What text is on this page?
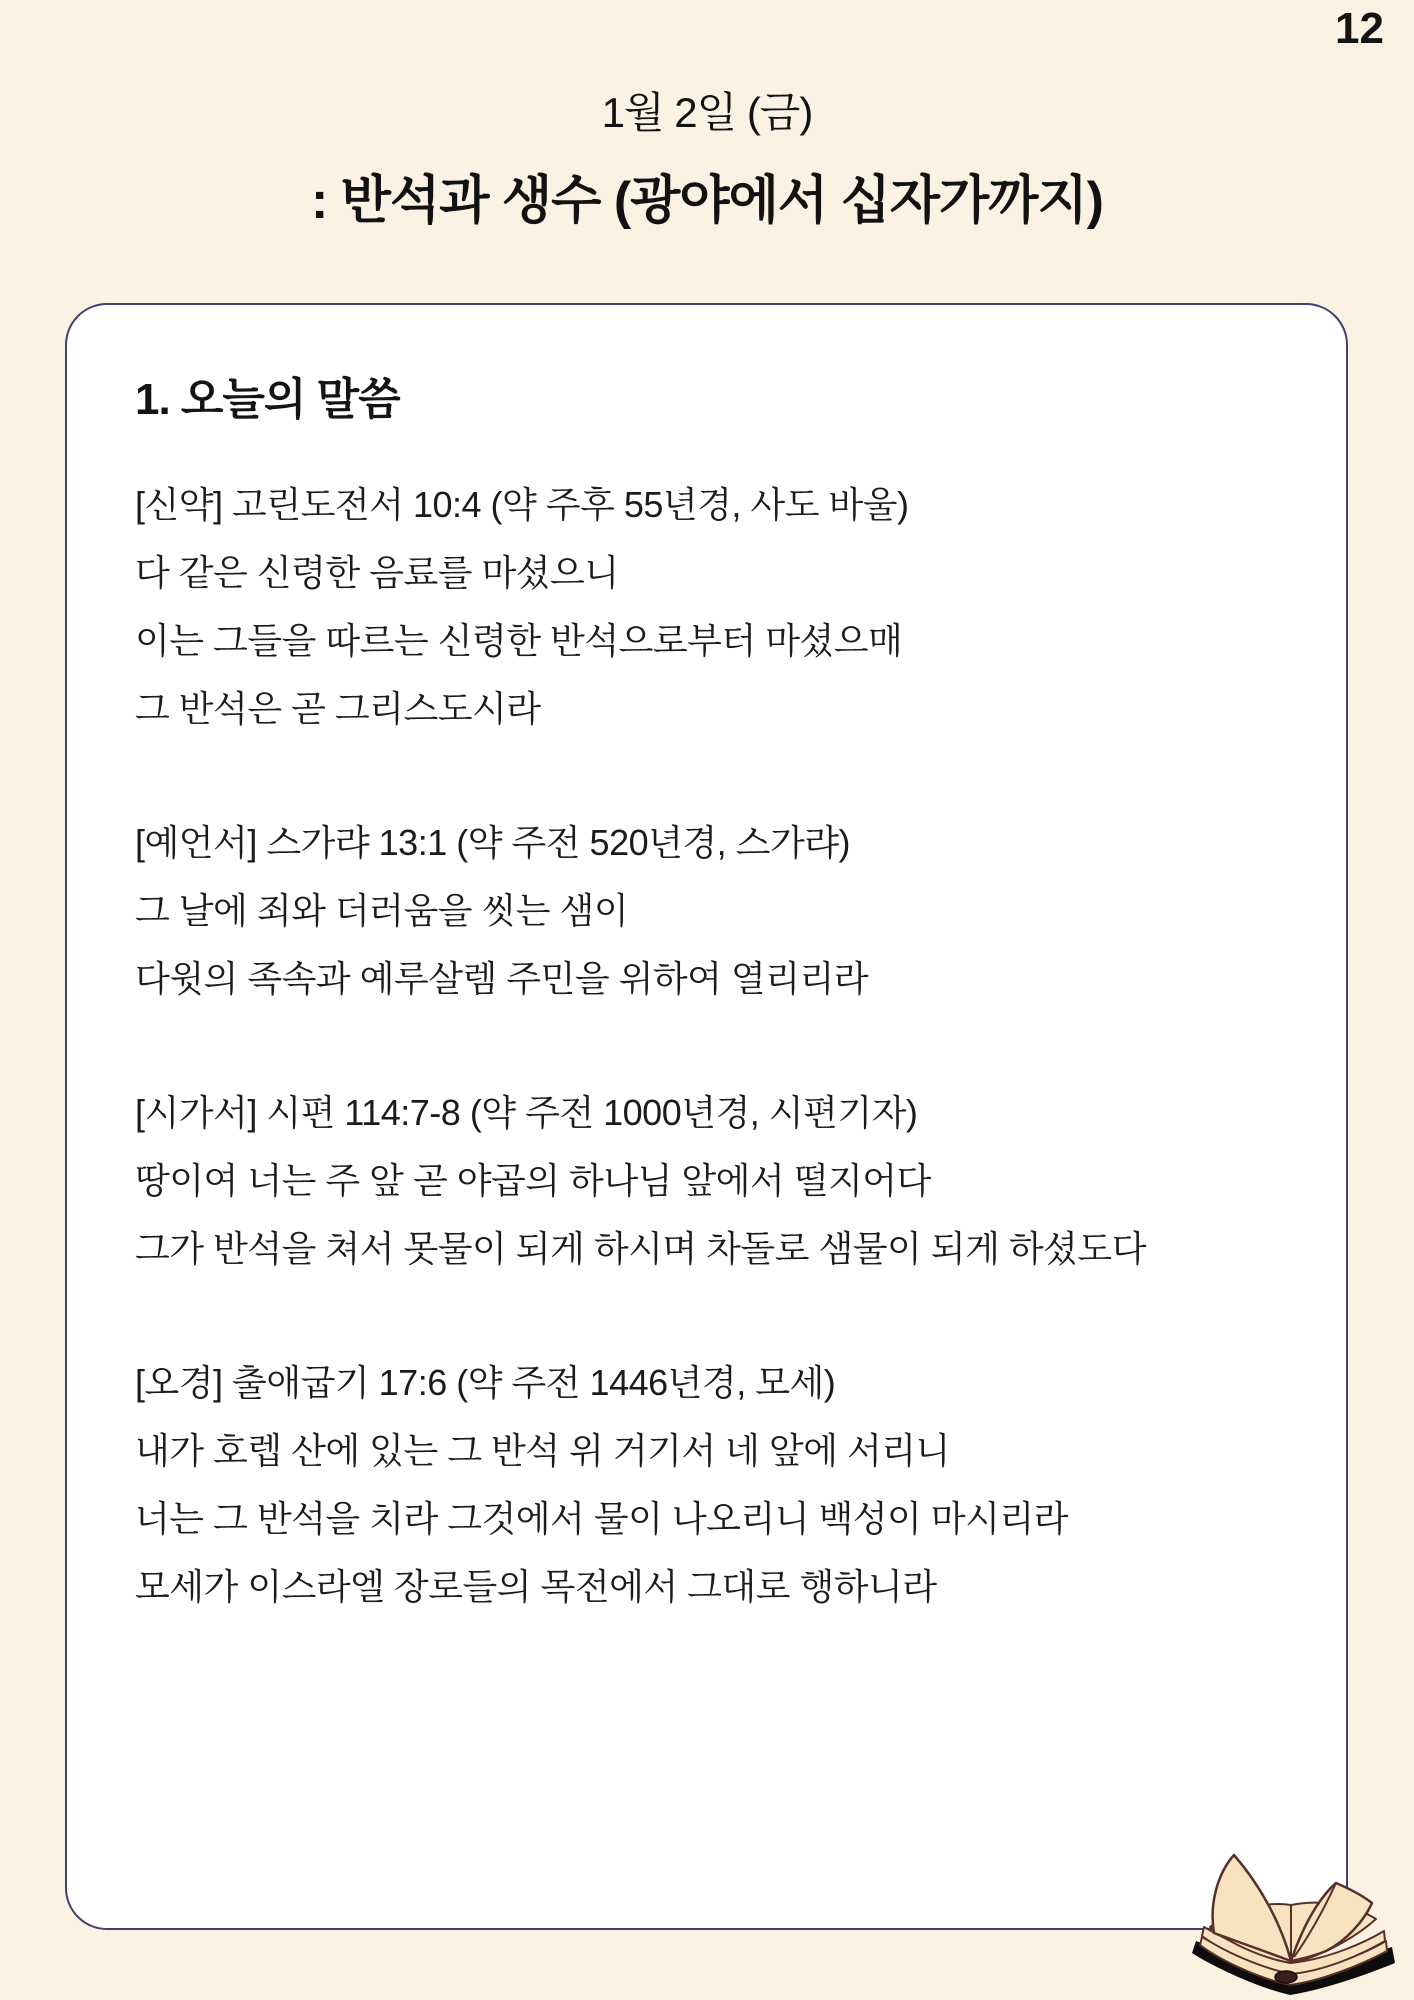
12
1월 2일 (금)
: 반석과 생수 (광야에서 십자가까지)
1. 오늘의 말씀

[신약] 고린도전서 10:4 (약 주후 55년경, 사도 바울)

다 같은 신령한 음료를 마셨으니

이는 그들을 따르는 신령한 반석으로부터 마셨으매

그 반석은 곧 그리스도시라

[예언서] 스가랴 13:1 (약 주전 520년경, 스가랴)

그 날에 죄와 더러움을 씻는 샘이

다윗의 족속과 예루살렘 주민을 위하여 열리리라

[시가서] 시편 114:7-8 (약 주전 1000년경, 시편기자)

땅이여 너는 주 앞 곧 야곱의 하나님 앞에서 떨지어다

그가 반석을 쳐서 못물이 되게 하시며 차돌로 샘물이 되게 하셨도다

[오경] 출애굽기 17:6 (약 주전 1446년경, 모세)

내가 호렙 산에 있는 그 반석 위 거기서 네 앞에 서리니

너는 그 반석을 치라 그것에서 물이 나오리니 백성이 마시리라

모세가 이스라엘 장로들의 목전에서 그대로 행하니라
